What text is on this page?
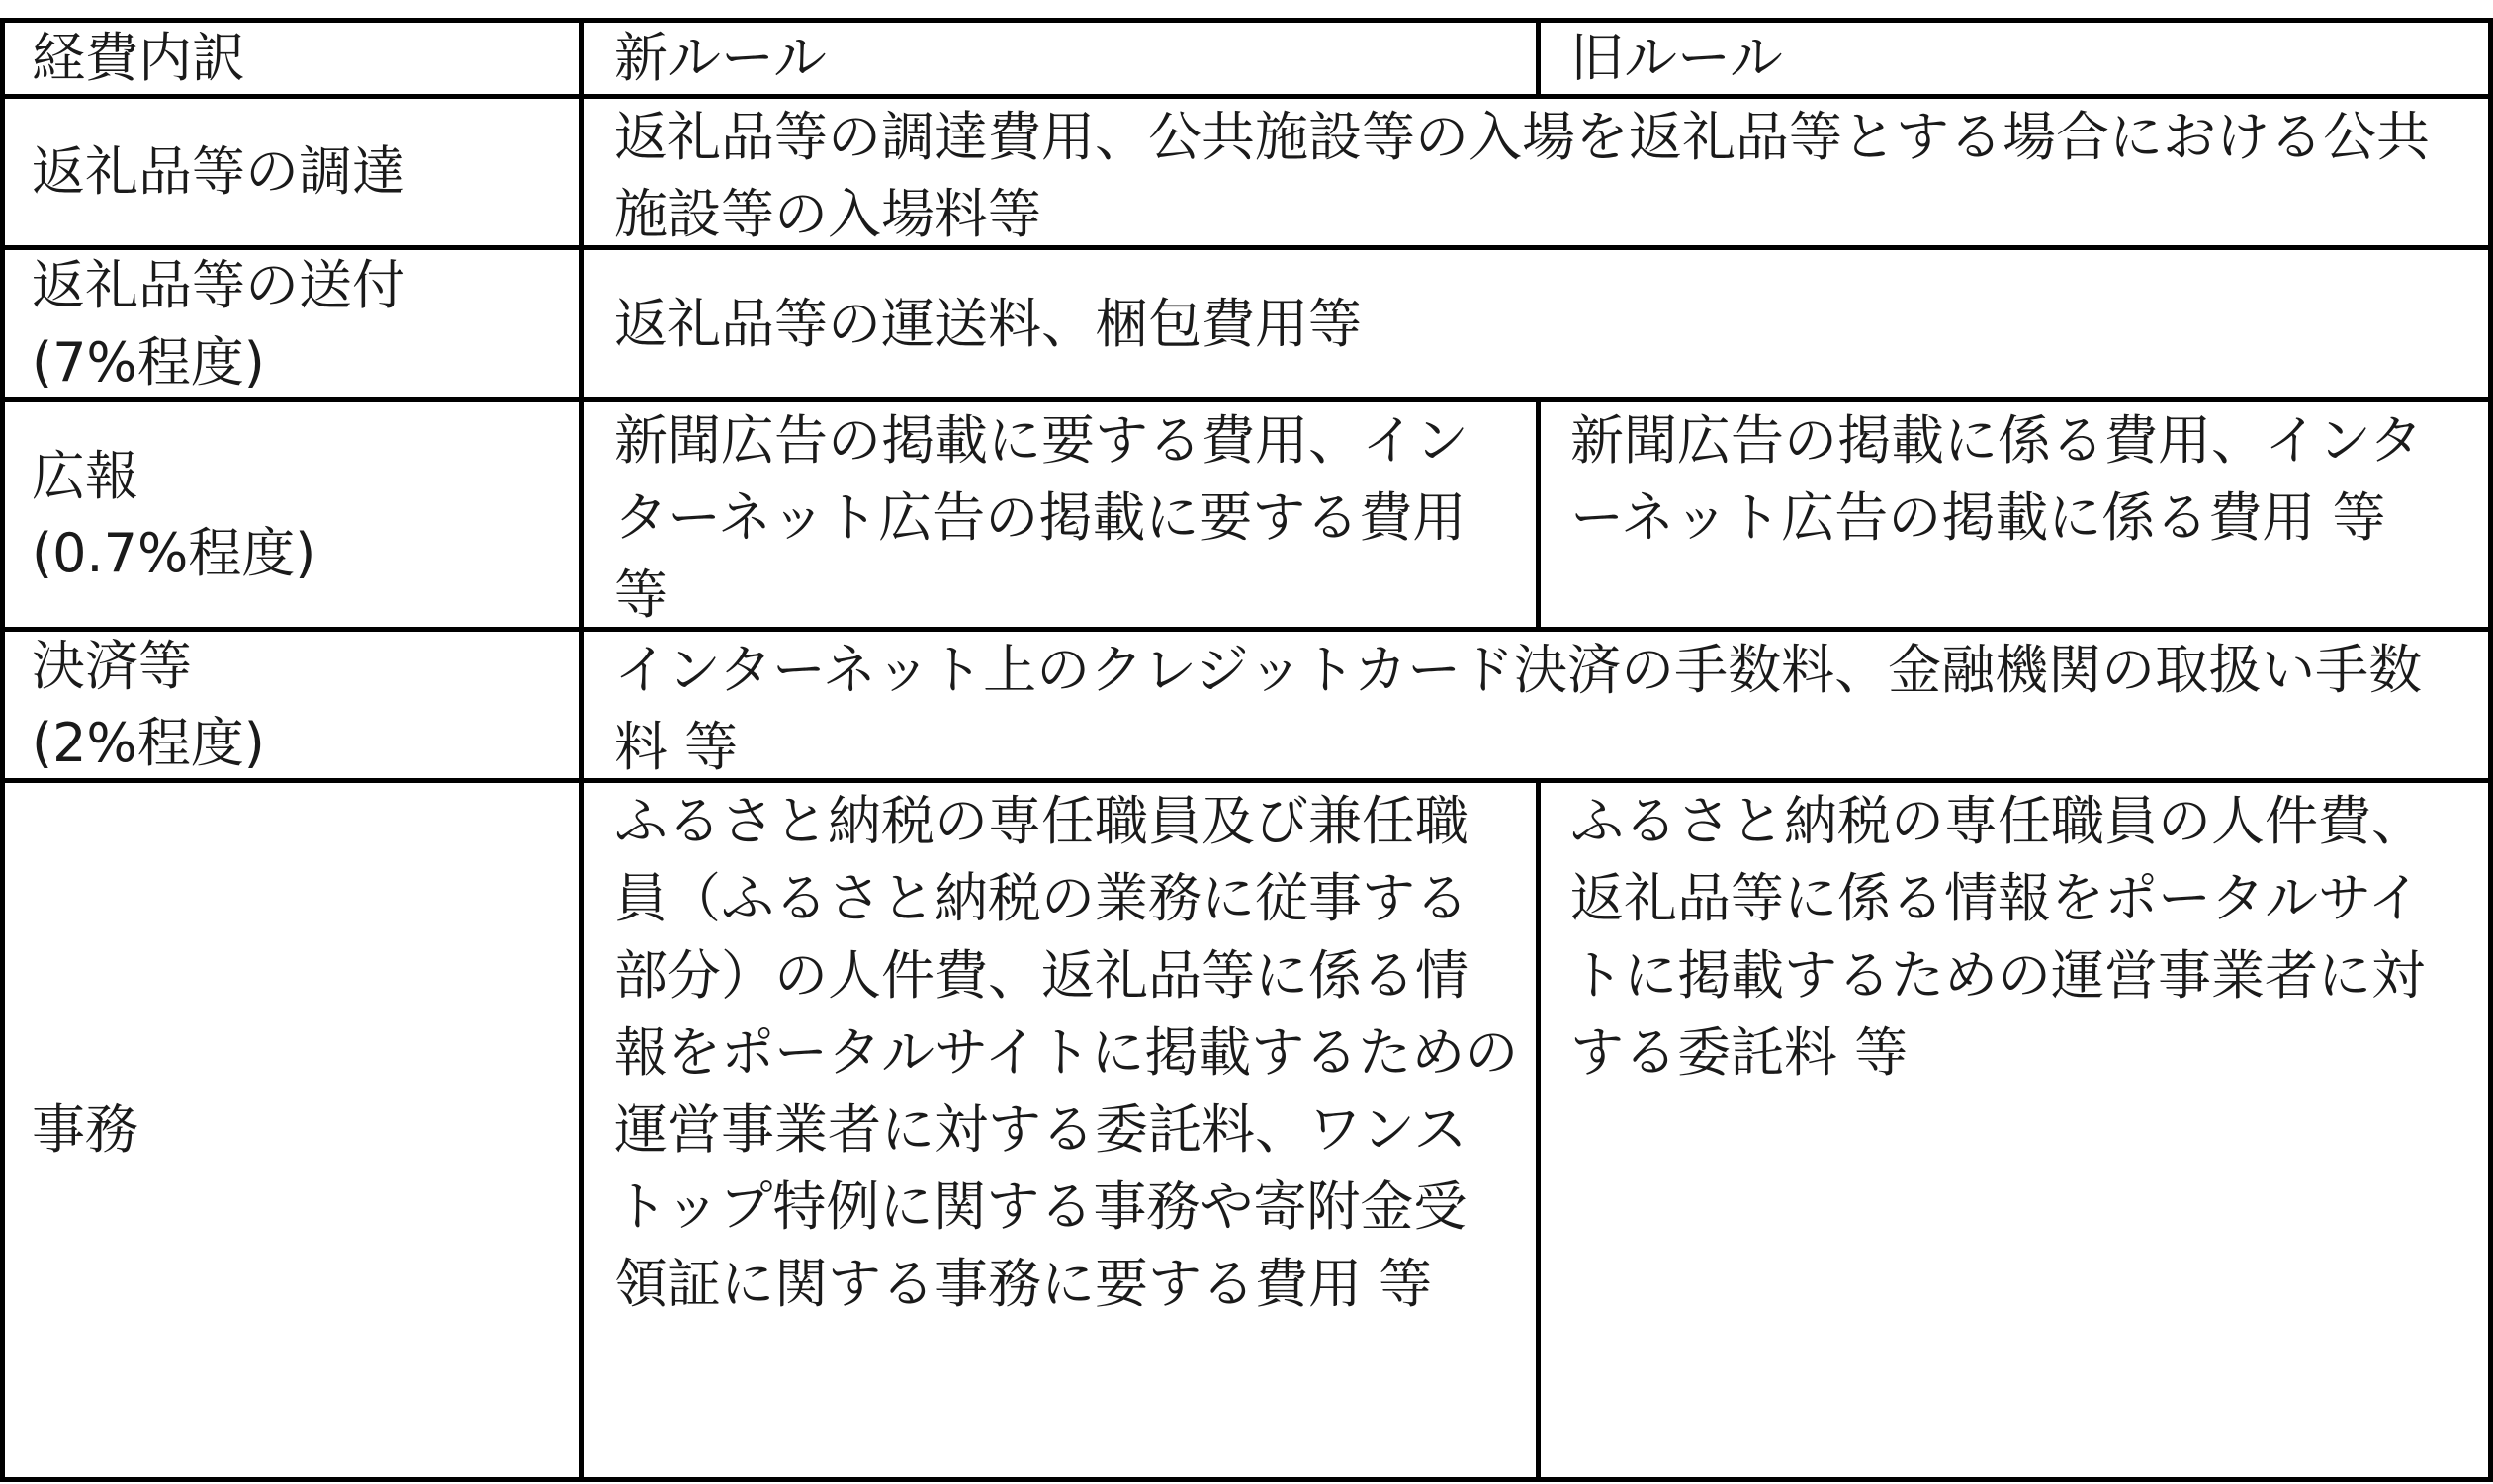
経費内訳	新ルール	旧ルール
返礼品等の調達
返礼品等の調達費用、公共施設等の入場を返礼品等とする場合における公共施設等の入場料等
返礼品等の送付
(7%程度)
返礼品等の運送料、梱包費用等
広報
(0.7%程度)
新聞広告の掲載に要する費用、インターネット広告の掲載に要する費用 等
新聞広告の掲載に係る費用、インターネット広告の掲載に係る費用 等
決済等
(2%程度)
インターネット上のクレジットカード決済の手数料、金融機関の取扱い手数料 等
事務
ふるさと納税の専任職員及び兼任職員（ふるさと納税の業務に従事する部分）の人件費、返礼品等に係る情報をポータルサイトに掲載するための運営事業者に対する委託料、ワンストップ特例に関する事務や寄附金受領証に関する事務に要する費用 等
ふるさと納税の専任職員の人件費、返礼品等に係る情報をポータルサイトに掲載するための運営事業者に対する委託料 等
